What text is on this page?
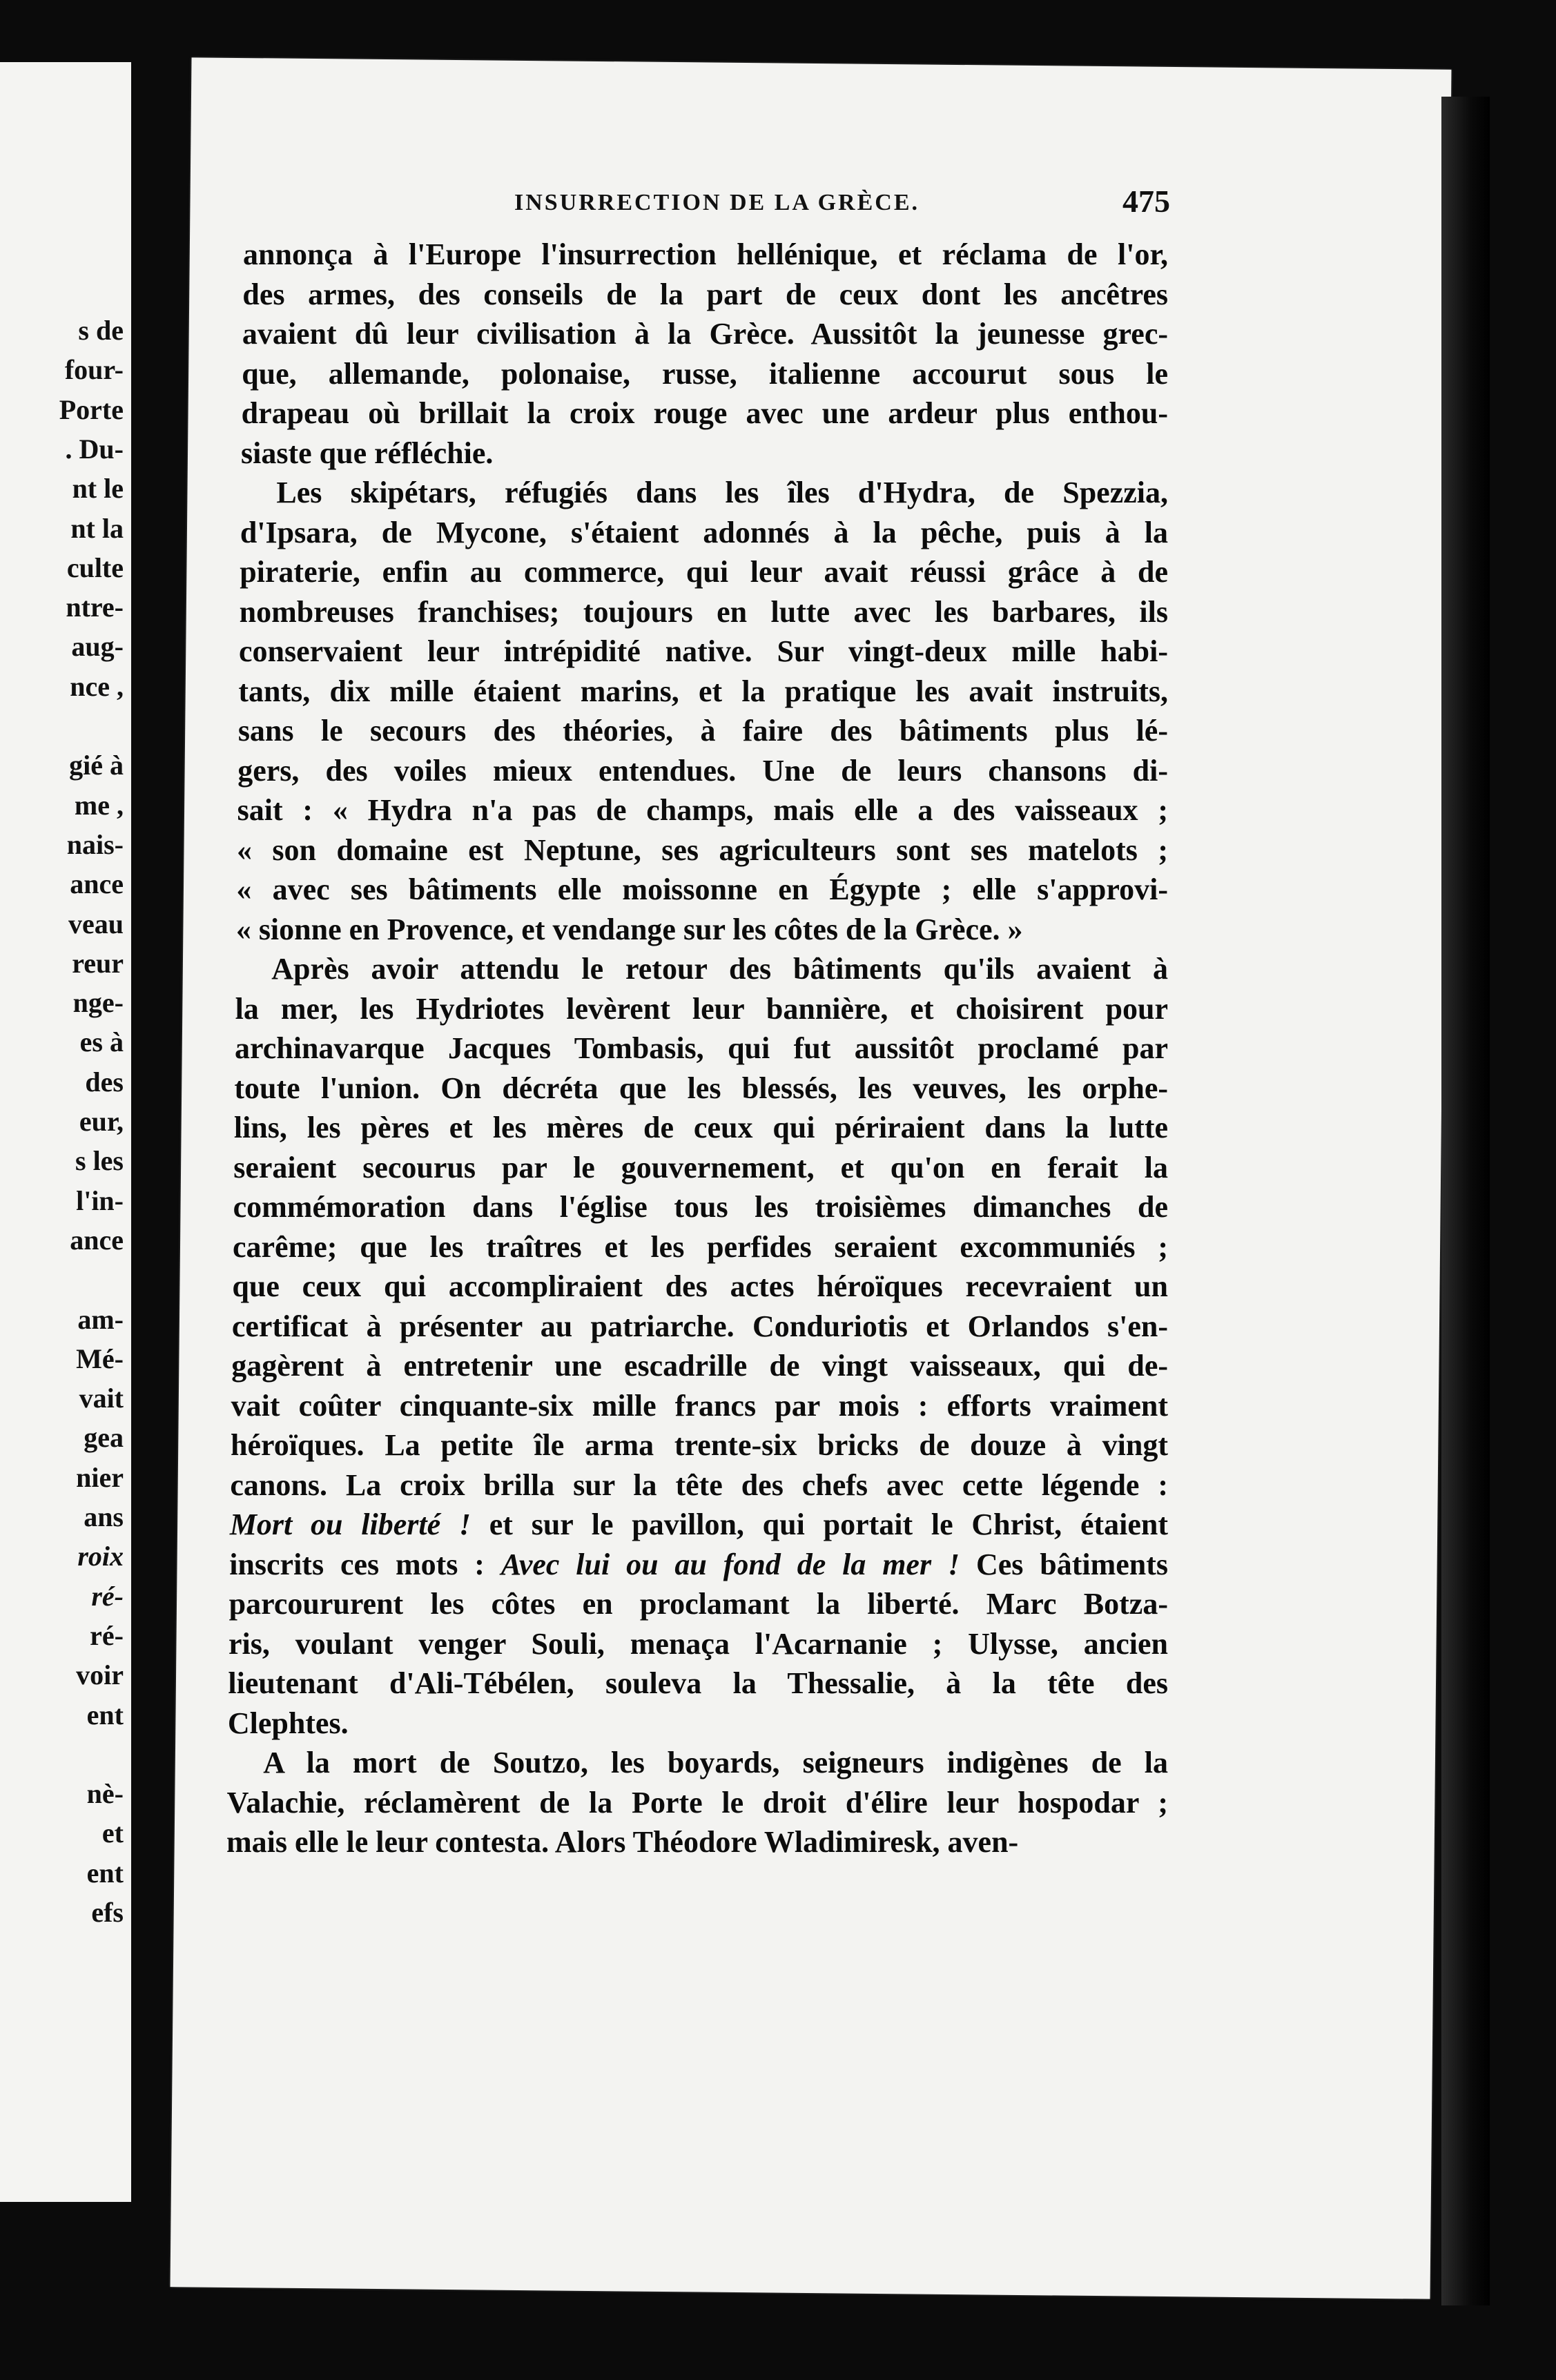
s de
four-
Porte
. Du-
nt le
nt la
culte
ntre-
aug-
nce ,
gié à
me ,
nais-
ance
veau
reur
nge-
es à
des
eur,
s les
l'in-
ance
am-
Mé-
vait
gea
nier
ans
roix
ré-
ré-
voir
ent
nè-
et
ent
efs
INSURRECTION DE LA GRÈCE.	475
annonça à l'Europe l'insurrection hellénique, et réclama de l'or,
des armes, des conseils de la part de ceux dont les ancêtres
avaient dû leur civilisation à la Grèce. Aussitôt la jeunesse grec-
que, allemande, polonaise, russe, italienne accourut sous le
drapeau où brillait la croix rouge avec une ardeur plus enthou-
siaste que réfléchie.
Les skipétars, réfugiés dans les îles d'Hydra, de Spezzia,
d'Ipsara, de Mycone, s'étaient adonnés à la pêche, puis à la
piraterie, enfin au commerce, qui leur avait réussi grâce à de
nombreuses franchises; toujours en lutte avec les barbares, ils
conservaient leur intrépidité native. Sur vingt-deux mille habi-
tants, dix mille étaient marins, et la pratique les avait instruits,
sans le secours des théories, à faire des bâtiments plus lé-
gers, des voiles mieux entendues. Une de leurs chansons di-
sait : « Hydra n'a pas de champs, mais elle a des vaisseaux ;
« son domaine est Neptune, ses agriculteurs sont ses matelots ;
« avec ses bâtiments elle moissonne en Égypte ; elle s'approvi-
« sionne en Provence, et vendange sur les côtes de la Grèce. »
Après avoir attendu le retour des bâtiments qu'ils avaient à
la mer, les Hydriotes levèrent leur bannière, et choisirent pour
archinavarque Jacques Tombasis, qui fut aussitôt proclamé par
toute l'union. On décréta que les blessés, les veuves, les orphe-
lins, les pères et les mères de ceux qui périraient dans la lutte
seraient secourus par le gouvernement, et qu'on en ferait la
commémoration dans l'église tous les troisièmes dimanches de
carême; que les traîtres et les perfides seraient excommuniés ;
que ceux qui accompliraient des actes héroïques recevraient un
certificat à présenter au patriarche. Conduriotis et Orlandos s'en-
gagèrent à entretenir une escadrille de vingt vaisseaux, qui de-
vait coûter cinquante-six mille francs par mois : efforts vraiment
héroïques. La petite île arma trente-six bricks de douze à vingt
canons. La croix brilla sur la tête des chefs avec cette légende :
Mort ou liberté ! et sur le pavillon, qui portait le Christ, étaient
inscrits ces mots : Avec lui ou au fond de la mer ! Ces bâtiments
parcoururent les côtes en proclamant la liberté. Marc Botza-
ris, voulant venger Souli, menaça l'Acarnanie ; Ulysse, ancien
lieutenant d'Ali-Tébélen, souleva la Thessalie, à la tête des
Clephtes.
A la mort de Soutzo, les boyards, seigneurs indigènes de la
Valachie, réclamèrent de la Porte le droit d'élire leur hospodar ;
mais elle le leur contesta. Alors Théodore Wladimiresk, aven-
